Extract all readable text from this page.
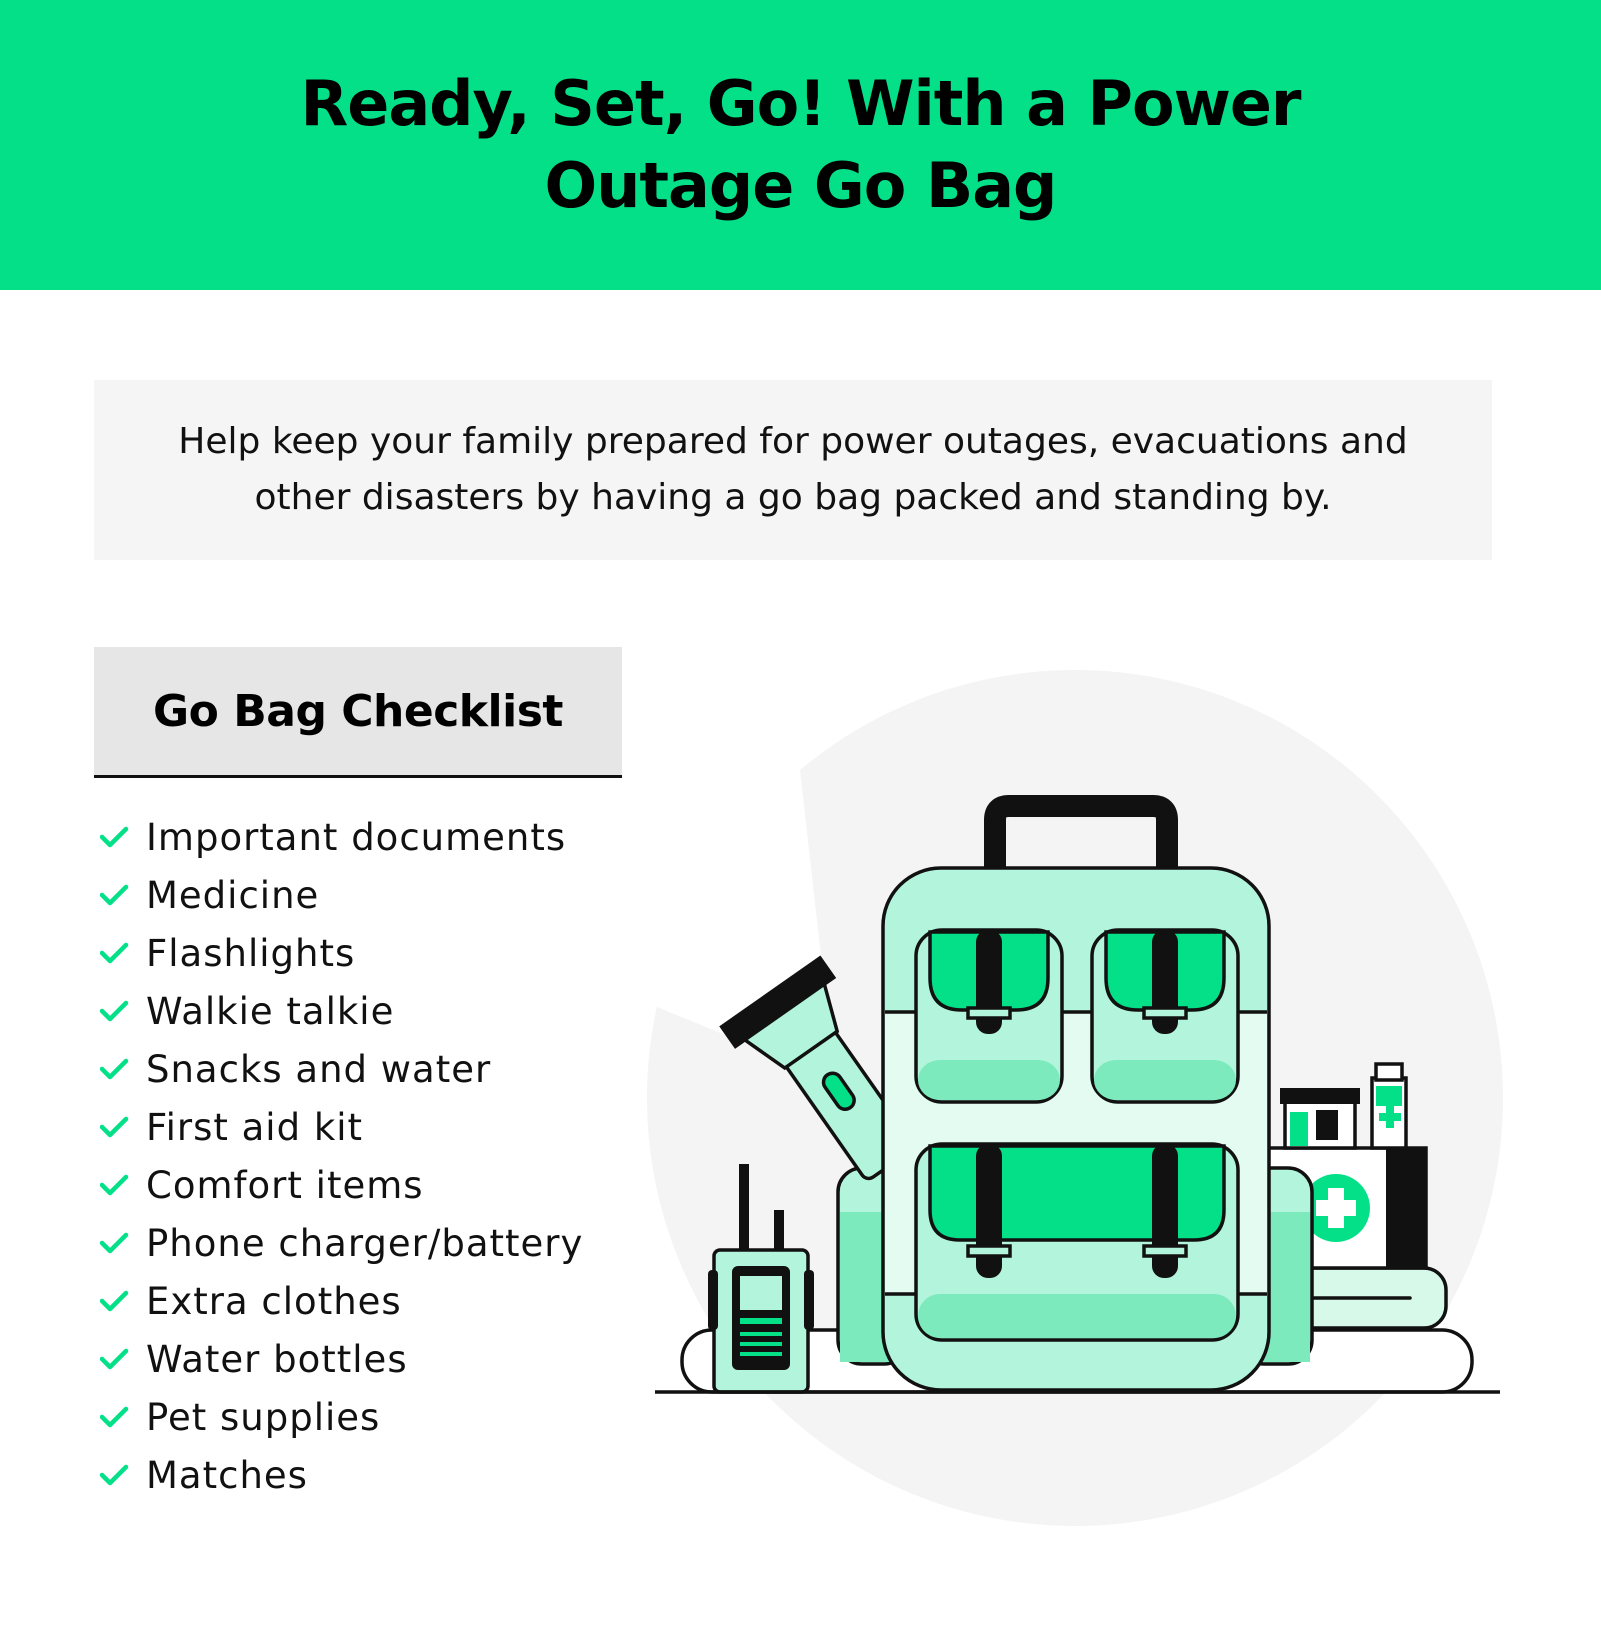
Ready, Set, Go! With a Power
Outage Go Bag

Help keep your family prepared for power outages, evacuations and
other disasters by having a go bag packed and standing by.

Go Bag Checklist
Important documents
Medicine
Flashlights
Walkie talkie
Snacks and water
First aid kit
Comfort items
Phone charger/battery
Extra clothes
Water bottles
Pet supplies
Matches
